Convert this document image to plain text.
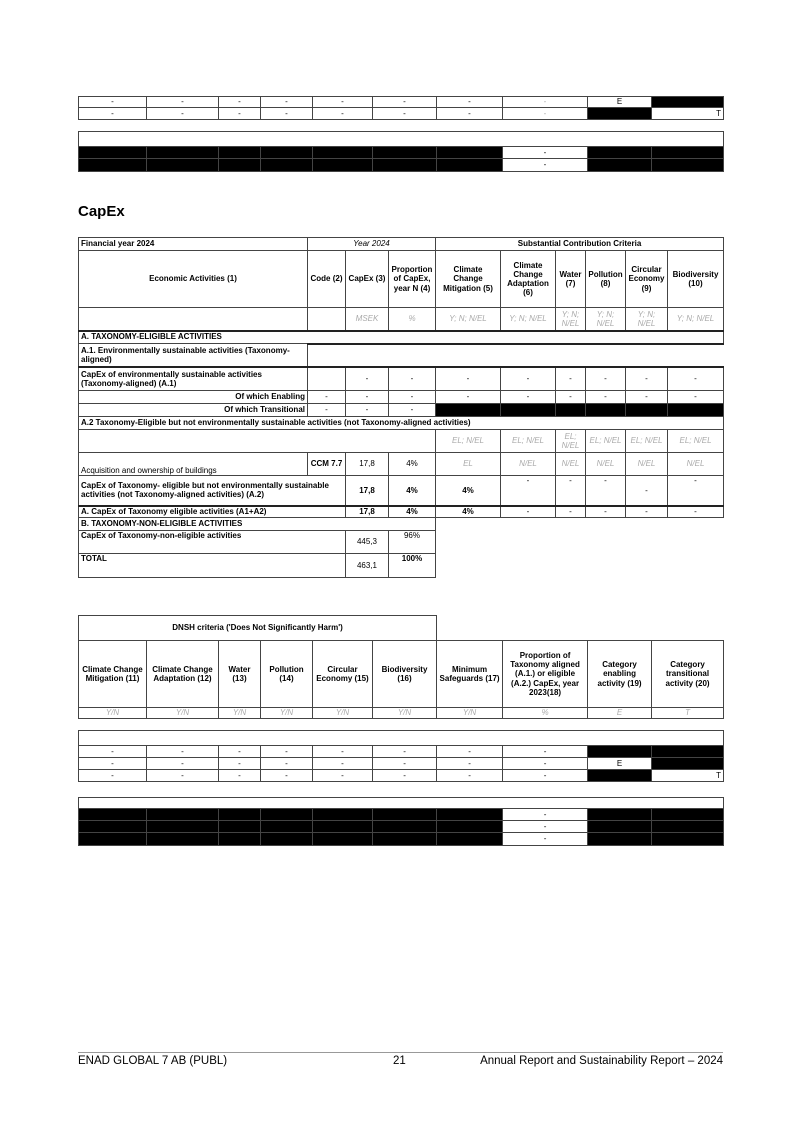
-	-	-	-	-	-	-	-	E	
-	-	-	-	-	-	-	-		T

							-		
							-		
CapEx
Financial year 2024	Year 2024			Substantial Contribution Criteria					
Economic Activities (1)	Code (2)	CapEx (3)	Proportion of CapEx, year N (4)	Climate Change Mitigation (5)	Climate Change Adaptation (6)	Water (7)	Pollution (8)	Circular Economy (9)	Biodiversity (10)
		MSEK	%	Y; N; N/EL	Y; N; N/EL	Y; N; N/EL	Y; N; N/EL	Y; N; N/EL	Y; N; N/EL
A. TAXONOMY-ELIGIBLE ACTIVITIES									
A.1. Environmentally sustainable activities (Taxonomy-aligned)									
CapEx of environmentally sustainable activities (Taxonomy-aligned) (A.1)		-	-	-	-	-	-	-	-
Of which Enabling	-	-	-	-	-	-	-	-	-
Of which Transitional	-	-	-						
A.2 Taxonomy-Eligible but not environmentally sustainable activities (not Taxonomy-aligned activities)									
				EL; N/EL	EL; N/EL	EL; N/EL	EL; N/EL	EL; N/EL	EL; N/EL
Acquisition and ownership of buildings	CCM 7.7	17,8	4%	EL	N/EL	N/EL	N/EL	N/EL	N/EL
CapEx of Taxonomy- eligible but not environmentally sustainable activities (not Taxonomy-aligned activities) (A.2)		17,8	4%	4%	-	-	-	-	-
A. CapEx of Taxonomy eligible activities (A1+A2)		17,8	4%	4%	-	-	-	-	-
B. TAXONOMY-NON-ELIGIBLE ACTIVITIES									
CapEx of Taxonomy-non-eligible activities		445,3	96%						
TOTAL		463,1	100%						
DNSH criteria ('Does Not Significantly Harm')									
Climate Change Mitigation (11)	Climate Change Adaptation (12)	Water (13)	Pollution (14)	Circular Economy (15)	Biodiversity (16)	Minimum Safeguards (17)	Proportion of Taxonomy aligned (A.1.) or eligible (A.2.) CapEx, year 2023(18)	Category enabling activity (19)	Category transitional activity (20)
Y/N	Y/N	Y/N	Y/N	Y/N	Y/N	Y/N	%	E	T

-	-	-	-	-	-	-	-		
-	-	-	-	-	-	-	-	E	
-	-	-	-	-	-	-	-		T

							-		
							-		
							-		
ENAD GLOBAL 7 AB (PUBL)	21	Annual Report and Sustainability Report – 2024
